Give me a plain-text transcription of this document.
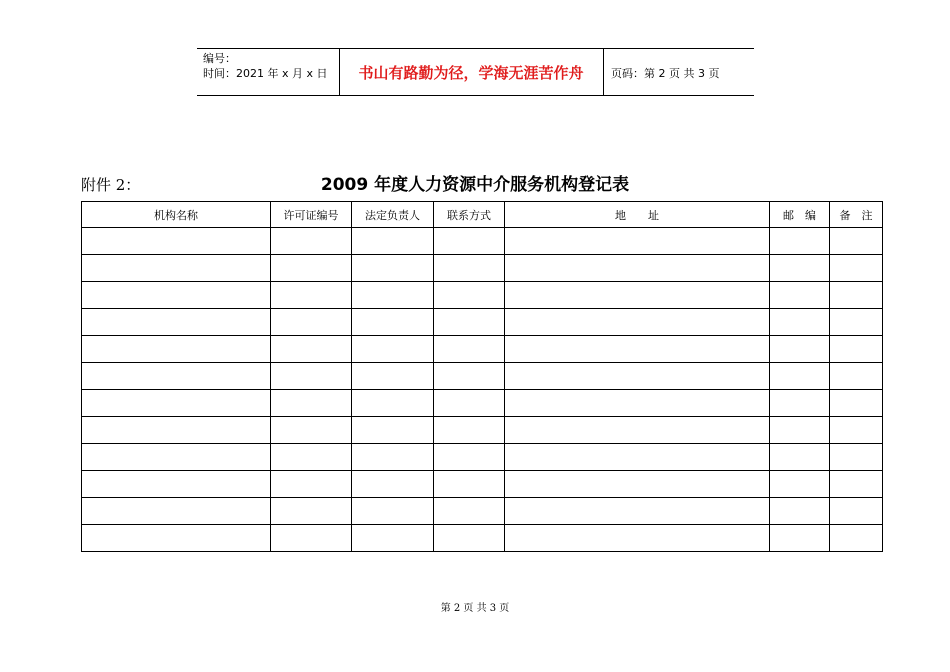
编号：
时间：2021 年 x 月 x 日	书山有路勤为径，学海无涯苦作舟	页码：第 2 页 共 3 页
附件 2：	2009 年度人力资源中介服务机构登记表
机构名称	许可证编号	法定负责人	联系方式	地　　址	邮　编	备　注

第 2 页 共 3 页
